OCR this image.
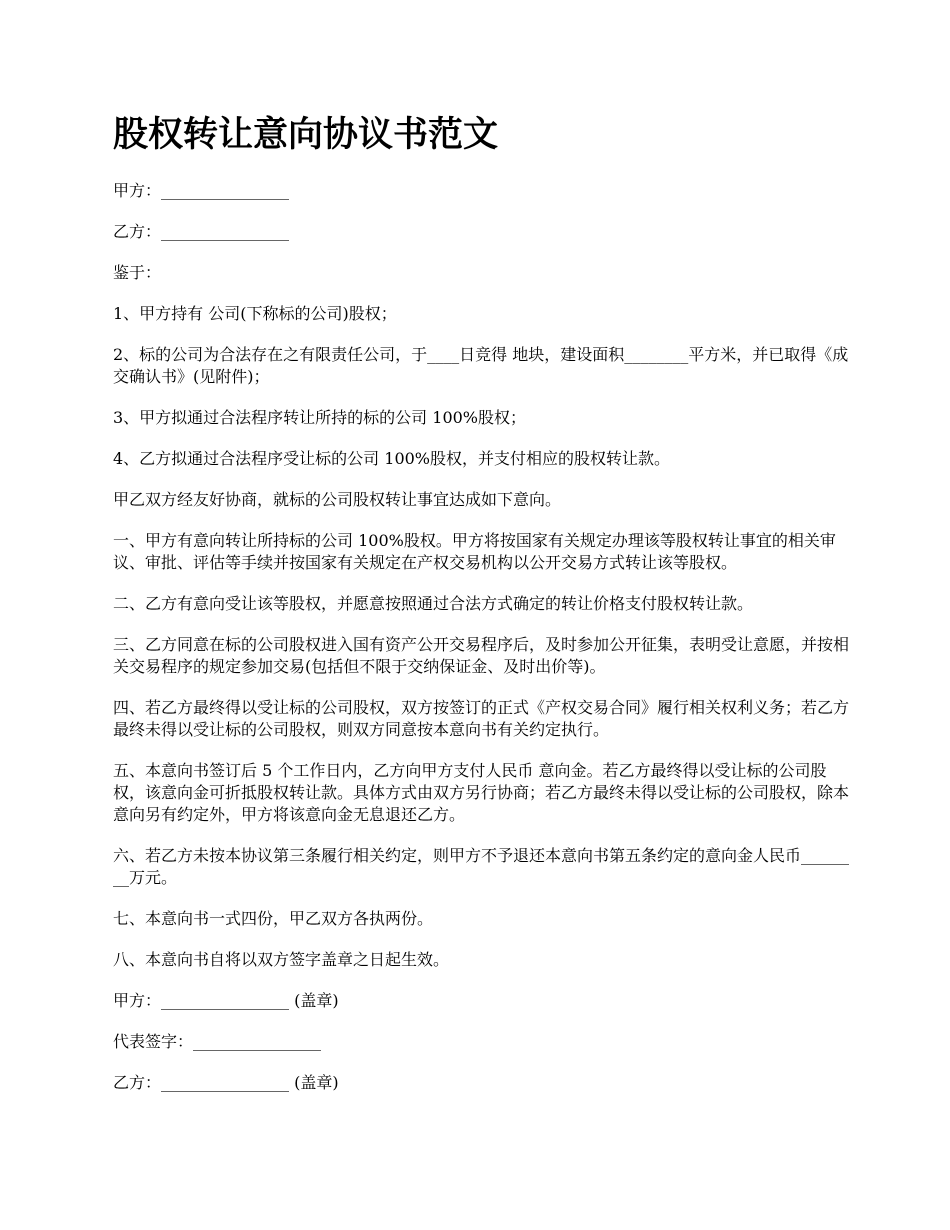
股权转让意向协议书范文

甲方：________________

乙方：________________

鉴于：

1、甲方持有 公司(下称标的公司)股权；

2、标的公司为合法存在之有限责任公司，于____日竞得 地块，建设面积________平方米，并已取得《成交确认书》(见附件)；

3、甲方拟通过合法程序转让所持的标的公司 100%股权；

4、乙方拟通过合法程序受让标的公司 100%股权，并支付相应的股权转让款。

甲乙双方经友好协商，就标的公司股权转让事宜达成如下意向。

一、甲方有意向转让所持标的公司 100%股权。甲方将按国家有关规定办理该等股权转让事宜的相关审议、审批、评估等手续并按国家有关规定在产权交易机构以公开交易方式转让该等股权。

二、乙方有意向受让该等股权，并愿意按照通过合法方式确定的转让价格支付股权转让款。

三、乙方同意在标的公司股权进入国有资产公开交易程序后，及时参加公开征集，表明受让意愿，并按相关交易程序的规定参加交易(包括但不限于交纳保证金、及时出价等)。

四、若乙方最终得以受让标的公司股权，双方按签订的正式《产权交易合同》履行相关权利义务；若乙方最终未得以受让标的公司股权，则双方同意按本意向书有关约定执行。

五、本意向书签订后 5 个工作日内，乙方向甲方支付人民币 意向金。若乙方最终得以受让标的公司股权，该意向金可折抵股权转让款。具体方式由双方另行协商；若乙方最终未得以受让标的公司股权，除本意向另有约定外，甲方将该意向金无息退还乙方。

六、若乙方未按本协议第三条履行相关约定，则甲方不予退还本意向书第五条约定的意向金人民币________万元。

七、本意向书一式四份，甲乙双方各执两份。

八、本意向书自将以双方签字盖章之日起生效。

甲方：________________ (盖章)

代表签字：________________

乙方：________________ (盖章)
